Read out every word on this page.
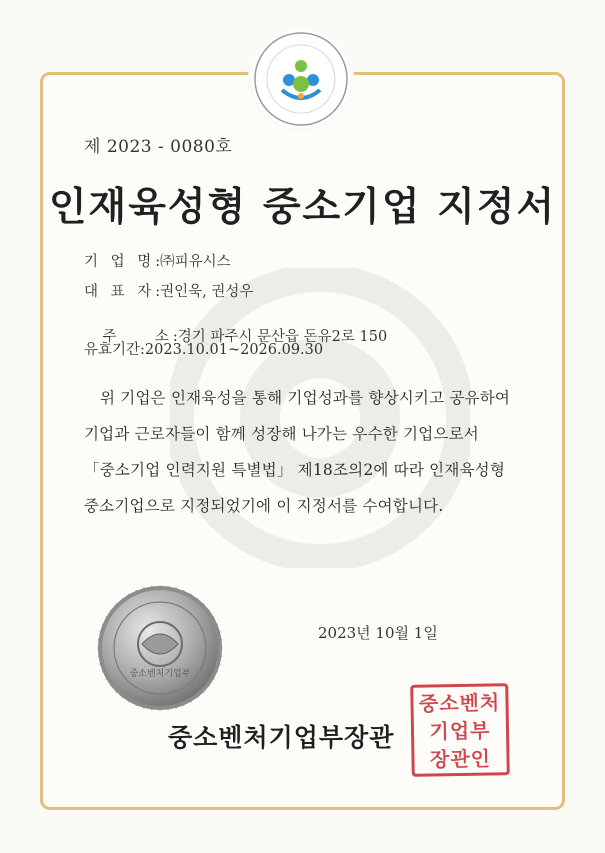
제 2023 - 0080호
인재육성형 중소기업 지정서
기 업 명:㈜피유시스
대 표 자:권인욱, 권성우

주    소:경기 파주시 문산읍 돈유2로 150

유효기간:2023.10.01~2026.09.30

위 기업은 인재육성을 통해 기업성과를 향상시키고 공유하여

기업과 근로자들이 함께 성장해 나가는 우수한 기업으로서

「중소기업 인력지원 특별법」 제18조의2에 따라 인재육성형

중소기업으로 지정되었기에 이 지정서를 수여합니다.

중소벤처기업부
2023년 10월 1일
중소벤처기업부장관
중소벤처
기업부
장관인
